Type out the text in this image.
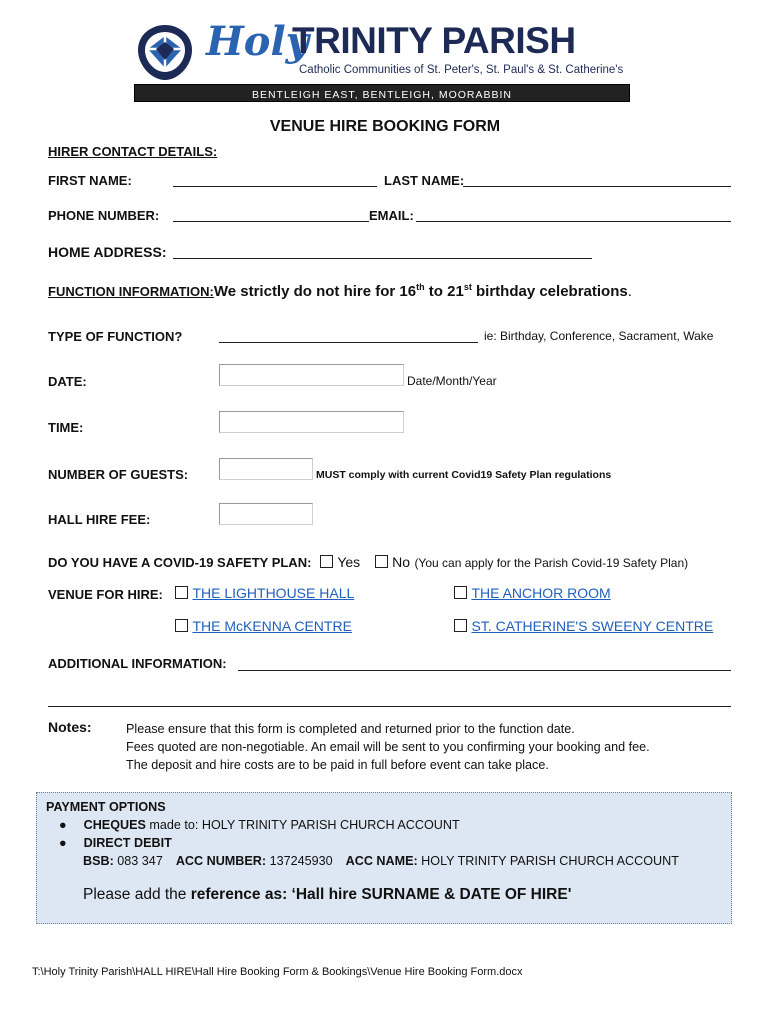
Holy
TRINITY PARISH
Catholic Communities of St. Peter's, St. Paul's & St. Catherine's
BENTLEIGH EAST, BENTLEIGH, MOORABBIN
VENUE HIRE BOOKING FORM
HIRER CONTACT DETAILS:
FIRST NAME:	LAST NAME:
PHONE NUMBER:	EMAIL:
HOME ADDRESS:
FUNCTION INFORMATION:We strictly do not hire for 16th to 21st birthday celebrations.
TYPE OF FUNCTION?	ie: Birthday, Conference, Sacrament, Wake
DATE:	Date/Month/Year
TIME:
NUMBER OF GUESTS:	MUST comply with current Covid19 Safety Plan regulations
HALL HIRE FEE:
DO YOU HAVE A COVID-19 SAFETY PLAN: Yes No (You can apply for the Parish Covid-19 Safety Plan)
VENUE FOR HIRE:	THE LIGHTHOUSE HALL	THE ANCHOR ROOM
THE McKENNA CENTRE	ST. CATHERINE'S SWEENY CENTRE
ADDITIONAL INFORMATION:
Notes:	Please ensure that this form is completed and returned prior to the function date.
Fees quoted are non-negotiable. An email will be sent to you confirming your booking and fee.
The deposit and hire costs are to be paid in full before event can take place.
PAYMENT OPTIONS
● CHEQUES made to: HOLY TRINITY PARISH CHURCH ACCOUNT
● DIRECT DEBIT
BSB: 083 347 ACC NUMBER: 137245930 ACC NAME: HOLY TRINITY PARISH CHURCH ACCOUNT
Please add the reference as: ‘Hall hire SURNAME & DATE OF HIRE'
T:\Holy Trinity Parish\HALL HIRE\Hall Hire Booking Form & Bookings\Venue Hire Booking Form.docx
